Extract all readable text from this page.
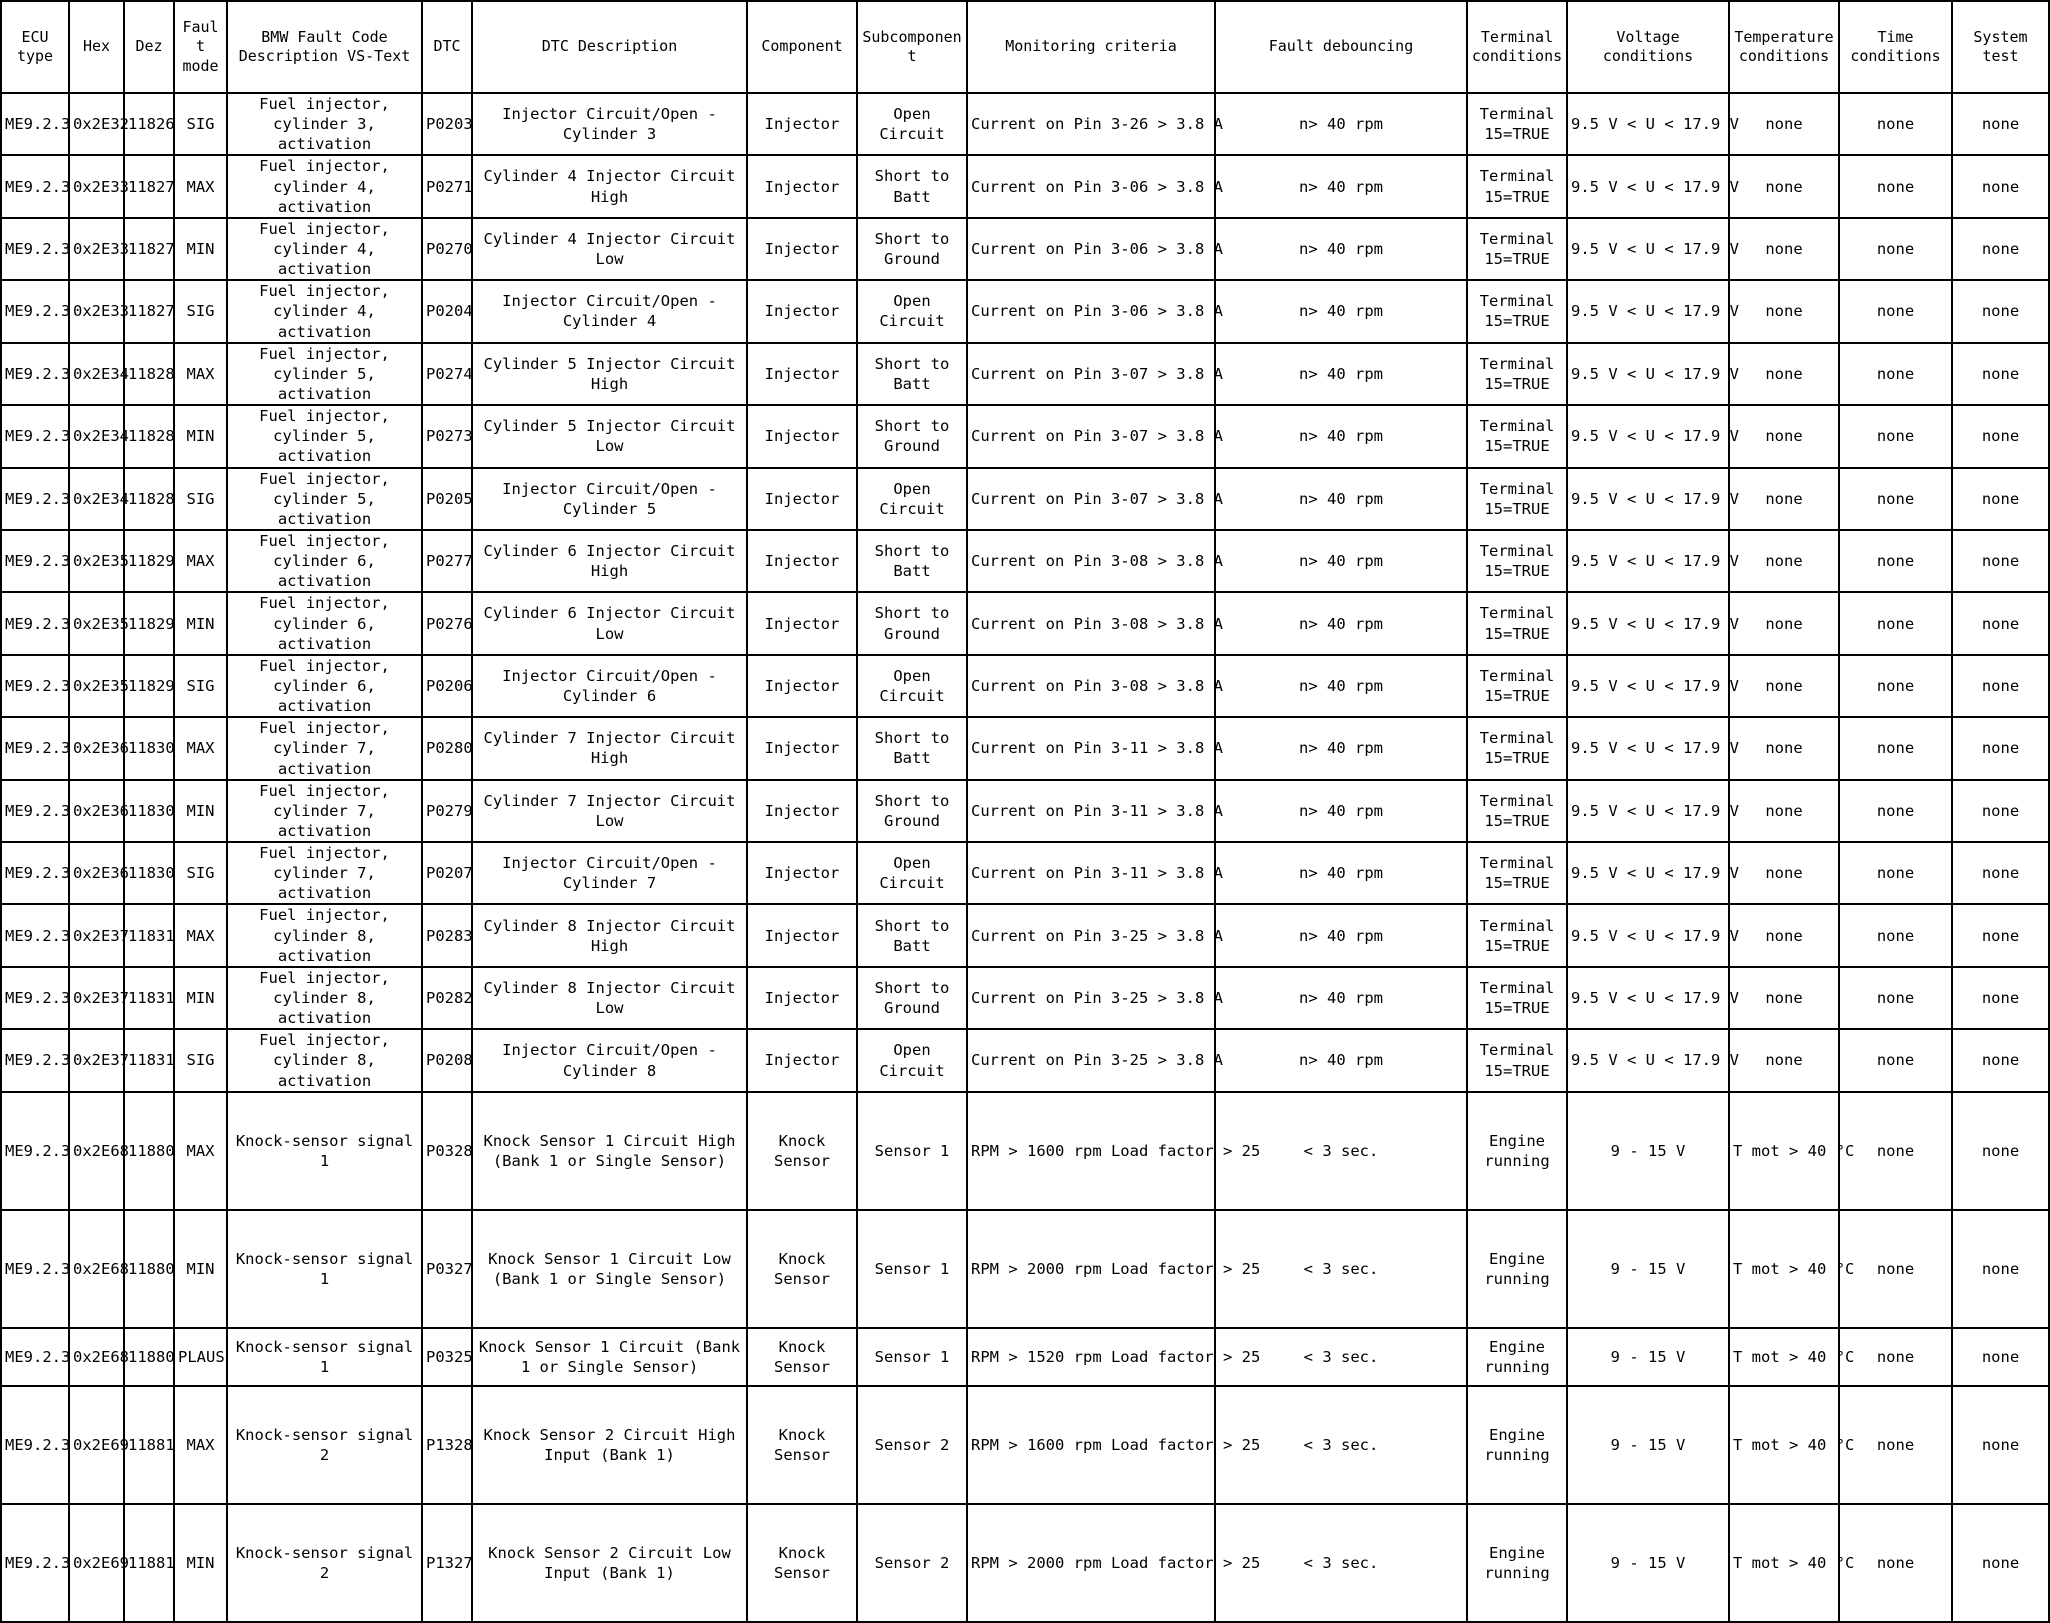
ECU type	Hex	Dez	Fault mode	BMW Fault Code Description VS-Text	DTC	DTC Description	Component	Subcomponent	Monitoring criteria	Fault debouncing	Terminal conditions	Voltage conditions	Temperature conditions	Time conditions	System test
ME9.2.3	0x2E32	11826	SIG	Fuel injector, cylinder 3, activation	P0203	Injector Circuit/Open - Cylinder 3	Injector	Open Circuit	Current on Pin 3-26 > 3.8 A	n> 40 rpm	Terminal 15=TRUE	9.5 V < U < 17.9 V	none	none	none
ME9.2.3	0x2E33	11827	MAX	Fuel injector, cylinder 4, activation	P0271	Cylinder 4 Injector Circuit High	Injector	Short to Batt	Current on Pin 3-06 > 3.8 A	n> 40 rpm	Terminal 15=TRUE	9.5 V < U < 17.9 V	none	none	none
ME9.2.3	0x2E33	11827	MIN	Fuel injector, cylinder 4, activation	P0270	Cylinder 4 Injector Circuit Low	Injector	Short to Ground	Current on Pin 3-06 > 3.8 A	n> 40 rpm	Terminal 15=TRUE	9.5 V < U < 17.9 V	none	none	none
ME9.2.3	0x2E33	11827	SIG	Fuel injector, cylinder 4, activation	P0204	Injector Circuit/Open - Cylinder 4	Injector	Open Circuit	Current on Pin 3-06 > 3.8 A	n> 40 rpm	Terminal 15=TRUE	9.5 V < U < 17.9 V	none	none	none
ME9.2.3	0x2E34	11828	MAX	Fuel injector, cylinder 5, activation	P0274	Cylinder 5 Injector Circuit High	Injector	Short to Batt	Current on Pin 3-07 > 3.8 A	n> 40 rpm	Terminal 15=TRUE	9.5 V < U < 17.9 V	none	none	none
ME9.2.3	0x2E34	11828	MIN	Fuel injector, cylinder 5, activation	P0273	Cylinder 5 Injector Circuit Low	Injector	Short to Ground	Current on Pin 3-07 > 3.8 A	n> 40 rpm	Terminal 15=TRUE	9.5 V < U < 17.9 V	none	none	none
ME9.2.3	0x2E34	11828	SIG	Fuel injector, cylinder 5, activation	P0205	Injector Circuit/Open - Cylinder 5	Injector	Open Circuit	Current on Pin 3-07 > 3.8 A	n> 40 rpm	Terminal 15=TRUE	9.5 V < U < 17.9 V	none	none	none
ME9.2.3	0x2E35	11829	MAX	Fuel injector, cylinder 6, activation	P0277	Cylinder 6 Injector Circuit High	Injector	Short to Batt	Current on Pin 3-08 > 3.8 A	n> 40 rpm	Terminal 15=TRUE	9.5 V < U < 17.9 V	none	none	none
ME9.2.3	0x2E35	11829	MIN	Fuel injector, cylinder 6, activation	P0276	Cylinder 6 Injector Circuit Low	Injector	Short to Ground	Current on Pin 3-08 > 3.8 A	n> 40 rpm	Terminal 15=TRUE	9.5 V < U < 17.9 V	none	none	none
ME9.2.3	0x2E35	11829	SIG	Fuel injector, cylinder 6, activation	P0206	Injector Circuit/Open - Cylinder 6	Injector	Open Circuit	Current on Pin 3-08 > 3.8 A	n> 40 rpm	Terminal 15=TRUE	9.5 V < U < 17.9 V	none	none	none
ME9.2.3	0x2E36	11830	MAX	Fuel injector, cylinder 7, activation	P0280	Cylinder 7 Injector Circuit High	Injector	Short to Batt	Current on Pin 3-11 > 3.8 A	n> 40 rpm	Terminal 15=TRUE	9.5 V < U < 17.9 V	none	none	none
ME9.2.3	0x2E36	11830	MIN	Fuel injector, cylinder 7, activation	P0279	Cylinder 7 Injector Circuit Low	Injector	Short to Ground	Current on Pin 3-11 > 3.8 A	n> 40 rpm	Terminal 15=TRUE	9.5 V < U < 17.9 V	none	none	none
ME9.2.3	0x2E36	11830	SIG	Fuel injector, cylinder 7, activation	P0207	Injector Circuit/Open - Cylinder 7	Injector	Open Circuit	Current on Pin 3-11 > 3.8 A	n> 40 rpm	Terminal 15=TRUE	9.5 V < U < 17.9 V	none	none	none
ME9.2.3	0x2E37	11831	MAX	Fuel injector, cylinder 8, activation	P0283	Cylinder 8 Injector Circuit High	Injector	Short to Batt	Current on Pin 3-25 > 3.8 A	n> 40 rpm	Terminal 15=TRUE	9.5 V < U < 17.9 V	none	none	none
ME9.2.3	0x2E37	11831	MIN	Fuel injector, cylinder 8, activation	P0282	Cylinder 8 Injector Circuit Low	Injector	Short to Ground	Current on Pin 3-25 > 3.8 A	n> 40 rpm	Terminal 15=TRUE	9.5 V < U < 17.9 V	none	none	none
ME9.2.3	0x2E37	11831	SIG	Fuel injector, cylinder 8, activation	P0208	Injector Circuit/Open - Cylinder 8	Injector	Open Circuit	Current on Pin 3-25 > 3.8 A	n> 40 rpm	Terminal 15=TRUE	9.5 V < U < 17.9 V	none	none	none
ME9.2.3	0x2E68	11880	MAX	Knock-sensor signal 1	P0328	Knock Sensor 1 Circuit High (Bank 1 or Single Sensor)	Knock Sensor	Sensor 1	RPM > 1600 rpm Load factor > 25	< 3 sec.	Engine running	9 - 15 V	T mot > 40 °C	none	none
ME9.2.3	0x2E68	11880	MIN	Knock-sensor signal 1	P0327	Knock Sensor 1 Circuit Low (Bank 1 or Single Sensor)	Knock Sensor	Sensor 1	RPM > 2000 rpm Load factor > 25	< 3 sec.	Engine running	9 - 15 V	T mot > 40 °C	none	none
ME9.2.3	0x2E68	11880	PLAUS	Knock-sensor signal 1	P0325	Knock Sensor 1 Circuit (Bank 1 or Single Sensor)	Knock Sensor	Sensor 1	RPM > 1520 rpm Load factor > 25	< 3 sec.	Engine running	9 - 15 V	T mot > 40 °C	none	none
ME9.2.3	0x2E69	11881	MAX	Knock-sensor signal 2	P1328	Knock Sensor 2 Circuit High Input (Bank 1)	Knock Sensor	Sensor 2	RPM > 1600 rpm Load factor > 25	< 3 sec.	Engine running	9 - 15 V	T mot > 40 °C	none	none
ME9.2.3	0x2E69	11881	MIN	Knock-sensor signal 2	P1327	Knock Sensor 2 Circuit Low Input (Bank 1)	Knock Sensor	Sensor 2	RPM > 2000 rpm Load factor > 25	< 3 sec.	Engine running	9 - 15 V	T mot > 40 °C	none	none
